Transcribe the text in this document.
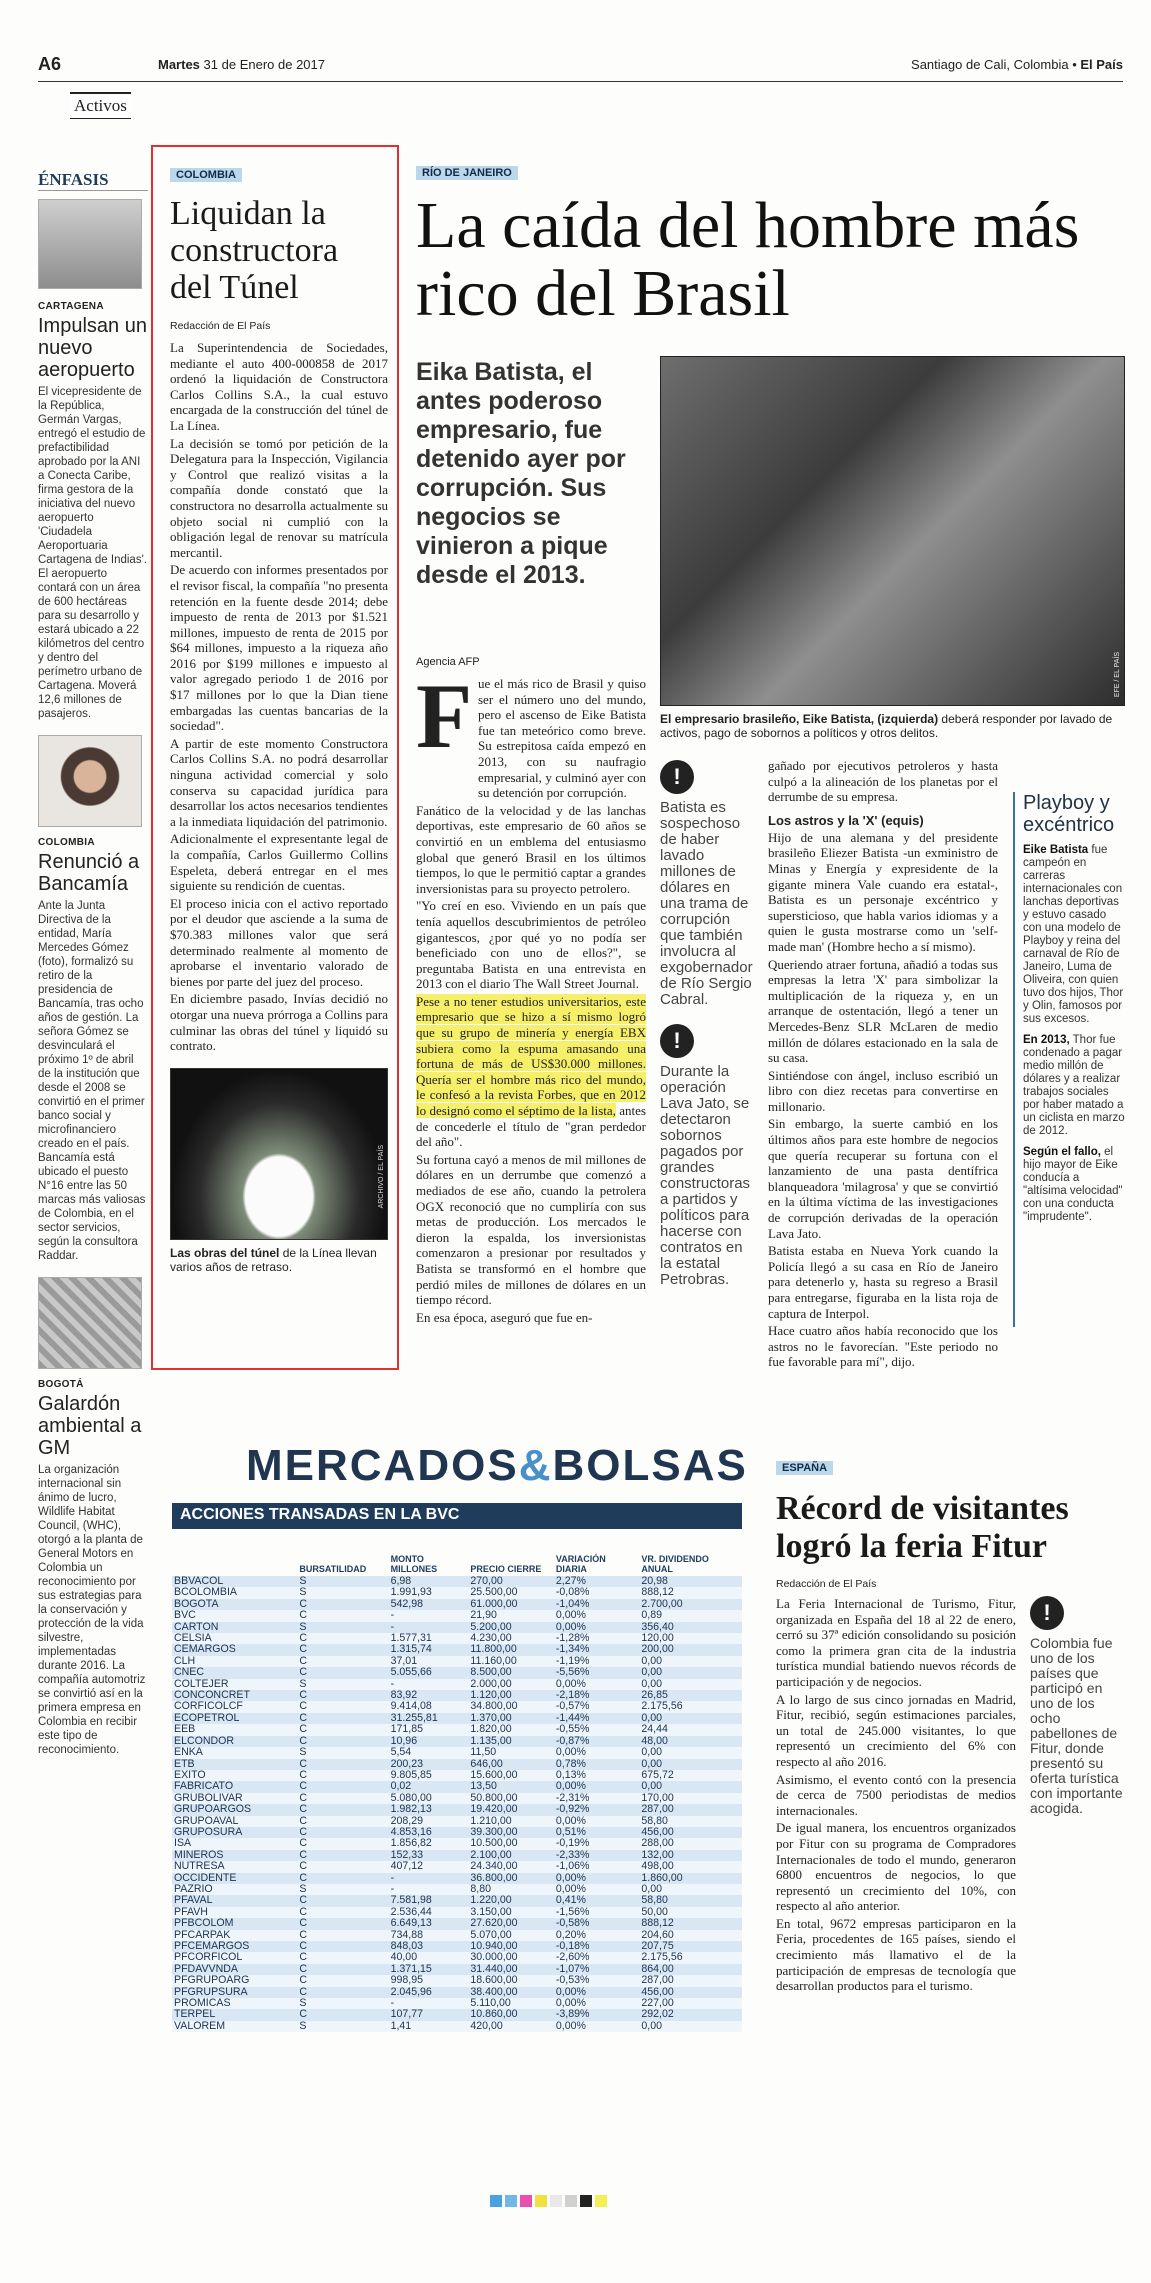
A6	Martes 31 de Enero de 2017	Santiago de Cali, Colombia • El País
Activos
ÉNFASIS
CARTAGENA
Impulsan un nuevo aeropuerto
El vicepresidente de la República, Germán Vargas, entregó el estudio de prefactibilidad aprobado por la ANI a Conecta Caribe, firma gestora de la iniciativa del nuevo aeropuerto 'Ciudadela Aeroportuaria Cartagena de Indias'. El aeropuerto contará con un área de 600 hectáreas para su desarrollo y estará ubicado a 22 kilómetros del centro y dentro del perímetro urbano de Cartagena. Moverá 12,6 millones de pasajeros.
COLOMBIA
Renunció a Bancamía
Ante la Junta Directiva de la entidad, María Mercedes Gómez (foto), formalizó su retiro de la presidencia de Bancamía, tras ocho años de gestión. La señora Gómez se desvinculará el próximo 1º de abril de la institución que desde el 2008 se convirtió en el primer banco social y microfinanciero creado en el país. Bancamía está ubicado el puesto N°16 entre las 50 marcas más valiosas de Colombia, en el sector servicios, según la consultora Raddar.
BOGOTÁ
Galardón ambiental a GM
La organización internacional sin ánimo de lucro, Wildlife Habitat Council, (WHC), otorgó a la planta de General Motors en Colombia un reconocimiento por sus estrategias para la conservación y protección de la vida silvestre, implementadas durante 2016. La compañía automotriz se convirtió así en la primera empresa en Colombia en recibir este tipo de reconocimiento.
COLOMBIA
Liquidan la constructora del Túnel
Redacción de El País

La Superintendencia de Sociedades, mediante el auto 400-000858 de 2017 ordenó la liquidación de Constructora Carlos Collins S.A., la cual estuvo encargada de la construcción del túnel de La Línea.

La decisión se tomó por petición de la Delegatura para la Inspección, Vigilancia y Control que realizó visitas a la compañía donde constató que la constructora no desarrolla actualmente su objeto social ni cumplió con la obligación legal de renovar su matrícula mercantil.

De acuerdo con informes presentados por el revisor fiscal, la compañía "no presenta retención en la fuente desde 2014; debe impuesto de renta de 2013 por $1.521 millones, impuesto de renta de 2015 por $64 millones, impuesto a la riqueza año 2016 por $199 millones e impuesto al valor agregado periodo 1 de 2016 por $17 millones por lo que la Dian tiene embargadas las cuentas bancarias de la sociedad".

A partir de este momento Constructora Carlos Collins S.A. no podrá desarrollar ninguna actividad comercial y solo conserva su capacidad jurídica para desarrollar los actos necesarios tendientes a la inmediata liquidación del patrimonio.

Adicionalmente el expresentante legal de la compañía, Carlos Guillermo Collins Espeleta, deberá entregar en el mes siguiente su rendición de cuentas.

El proceso inicia con el activo reportado por el deudor que asciende a la suma de $70.383 millones valor que será determinado realmente al momento de aprobarse el inventario valorado de bienes por parte del juez del proceso.

En diciembre pasado, Invías decidió no otorgar una nueva prórroga a Collins para culminar las obras del túnel y liquidó su contrato.

ARCHIVO / EL PAÍS
Las obras del túnel de la Línea llevan varios años de retraso.
RÍO DE JANEIRO
La caída del hombre más rico del Brasil
Eika Batista, el antes poderoso empresario, fue detenido ayer por corrupción. Sus negocios se vinieron a pique desde el 2013.
EFE / EL PAÍS
El empresario brasileño, Eike Batista, (izquierda) deberá responder por lavado de activos, pago de sobornos a políticos y otros delitos.
Agencia AFP
F ue el más rico de Brasil y quiso ser el número uno del mundo, pero el ascenso de Eike Batista fue tan meteórico como breve. Su estrepitosa caída empezó en 2013, con su naufragio empresarial, y culminó ayer con su detención por corrupción.

Fanático de la velocidad y de las lanchas deportivas, este empresario de 60 años se convirtió en un emblema del entusiasmo global que generó Brasil en los últimos tiempos, lo que le permitió captar a grandes inversionistas para su proyecto petrolero.

"Yo creí en eso. Viviendo en un país que tenía aquellos descubrimientos de petróleo gigantescos, ¿por qué yo no podía ser beneficiado con uno de ellos?", se preguntaba Batista en una entrevista en 2013 con el diario The Wall Street Journal.

Pese a no tener estudios universitarios, este empresario que se hizo a sí mismo logró que su grupo de minería y energía EBX subiera como la espuma amasando una fortuna de más de US$30.000 millones. Quería ser el hombre más rico del mundo, le confesó a la revista Forbes, que en 2012 lo designó como el séptimo de la lista, antes de concederle el título de "gran perdedor del año".

Su fortuna cayó a menos de mil millones de dólares en un derrumbe que comenzó a mediados de ese año, cuando la petrolera OGX reconoció que no cumpliría con sus metas de producción. Los mercados le dieron la espalda, los inversionistas comenzaron a presionar por resultados y Batista se transformó en el hombre que perdió miles de millones de dólares en un tiempo récord.

En esa época, aseguró que fue en-

!
Batista es sospechoso de haber lavado millones de dólares en una trama de corrupción que también involucra al exgobernador de Río Sergio Cabral.
!
Durante la operación Lava Jato, se detectaron sobornos pagados por grandes constructoras a partidos y políticos para hacerse con contratos en la estatal Petrobras.

gañado por ejecutivos petroleros y hasta culpó a la alineación de los planetas por el derrumbe de su empresa.

Los astros y la 'X' (equis)

Hijo de una alemana y del presidente brasileño Eliezer Batista -un exministro de Minas y Energía y expresidente de la gigante minera Vale cuando era estatal-, Batista es un personaje excéntrico y supersticioso, que habla varios idiomas y a quien le gusta mostrarse como un 'self-made man' (Hombre hecho a sí mismo).

Queriendo atraer fortuna, añadió a todas sus empresas la letra 'X' para simbolizar la multiplicación de la riqueza y, en un arranque de ostentación, llegó a tener un Mercedes-Benz SLR McLaren de medio millón de dólares estacionado en la sala de su casa.

Sintiéndose con ángel, incluso escribió un libro con diez recetas para convertirse en millonario.

Sin embargo, la suerte cambió en los últimos años para este hombre de negocios que quería recuperar su fortuna con el lanzamiento de una pasta dentífrica blanqueadora 'milagrosa' y que se convirtió en la última víctima de las investigaciones de corrupción derivadas de la operación Lava Jato.

Batista estaba en Nueva York cuando la Policía llegó a su casa en Río de Janeiro para detenerlo y, hasta su regreso a Brasil para entregarse, figuraba en la lista roja de captura de Interpol.

Hace cuatro años había reconocido que los astros no le favorecían. "Este periodo no fue favorable para mí", dijo.

Playboy y excéntrico
Eike Batista fue campeón en carreras internacionales con lanchas deportivas y estuvo casado con una modelo de Playboy y reina del carnaval de Río de Janeiro, Luma de Oliveira, con quien tuvo dos hijos, Thor y Olin, famosos por sus excesos.
En 2013, Thor fue condenado a pagar medio millón de dólares y a realizar trabajos sociales por haber matado a un ciclista en marzo de 2012.
Según el fallo, el hijo mayor de Eike conducía a "altísima velocidad" con una conducta "imprudente".
MERCADOS&BOLSAS
ACCIONES TRANSADAS EN LA BVC
	BURSATILIDAD	MONTO MILLONES	PRECIO CIERRE	VARIACIÓN DIARIA	VR. DIVIDENDO ANUAL
BBVACOL	S	6,98	270,00	2,27%	20,98
BCOLOMBIA	S	1.991,93	25.500,00	-0,08%	888,12
BOGOTA	C	542,98	61.000,00	-1,04%	2.700,00
BVC	C	-	21,90	0,00%	0,89
CARTON	S	-	5.200,00	0,00%	356,40
CELSIA	C	1.577,31	4.230,00	-1,28%	120,00
CEMARGOS	C	1.315,74	11.800,00	-1,34%	200,00
CLH	C	37,01	11.160,00	-1,19%	0,00
CNEC	C	5.055,66	8.500,00	-5,56%	0,00
COLTEJER	S	-	2.000,00	0,00%	0,00
CONCONCRET	C	83,92	1.120,00	-2,18%	26,85
CORFICOLCF	C	9.414,08	34.800,00	-0,57%	2.175,56
ECOPETROL	C	31.255,81	1.370,00	-1,44%	0,00
EEB	C	171,85	1.820,00	-0,55%	24,44
ELCONDOR	C	10,96	1.135,00	-0,87%	48,00
ENKA	S	5,54	11,50	0,00%	0,00
ETB	C	200,23	646,00	0,78%	0,00
EXITO	C	9.805,85	15.600,00	0,13%	675,72
FABRICATO	C	0,02	13,50	0,00%	0,00
GRUBOLIVAR	C	5.080,00	50.800,00	-2,31%	170,00
GRUPOARGOS	C	1.982,13	19.420,00	-0,92%	287,00
GRUPOAVAL	C	208,29	1.210,00	0,00%	58,80
GRUPOSURA	C	4.853,16	39.300,00	0,51%	456,00
ISA	C	1.856,82	10.500,00	-0,19%	288,00
MINEROS	C	152,33	2.100,00	-2,33%	132,00
NUTRESA	C	407,12	24.340,00	-1,06%	498,00
OCCIDENTE	C	-	36.800,00	0,00%	1.860,00
PAZRIO	S	-	8,80	0,00%	0,00
PFAVAL	C	7.581,98	1.220,00	0,41%	58,80
PFAVH	C	2.536,44	3.150,00	-1,56%	50,00
PFBCOLOM	C	6.649,13	27.620,00	-0,58%	888,12
PFCARPAK	C	734,88	5.070,00	0,20%	204,60
PFCEMARGOS	C	848,03	10.940,00	-0,18%	207,75
PFCORFICOL	C	40,00	30.000,00	-2,60%	2.175,56
PFDAVVNDA	C	1.371,15	31.440,00	-1,07%	864,00
PFGRUPOARG	C	998,95	18.600,00	-0,53%	287,00
PFGRUPSURA	C	2.045,96	38.400,00	0,00%	456,00
PROMICAS	S	-	5.110,00	0,00%	227,00
TERPEL	C	107,77	10.860,00	-3,89%	292,02
VALOREM	S	1,41	420,00	0,00%	0,00
ESPAÑA
Récord de visitantes logró la feria Fitur
Redacción de El País

La Feria Internacional de Turismo, Fitur, organizada en España del 18 al 22 de enero, cerró su 37ª edición consolidando su posición como la primera gran cita de la industria turística mundial batiendo nuevos récords de participación y de negocios.

A lo largo de sus cinco jornadas en Madrid, Fitur, recibió, según estimaciones parciales, un total de 245.000 visitantes, lo que representó un crecimiento del 6% con respecto al año 2016.

Asimismo, el evento contó con la presencia de cerca de 7500 periodistas de medios internacionales.

De igual manera, los encuentros organizados por Fitur con su programa de Compradores Internacionales de todo el mundo, generaron 6800 encuentros de negocios, lo que representó un crecimiento del 10%, con respecto al año anterior.

En total, 9672 empresas participaron en la Feria, procedentes de 165 países, siendo el crecimiento más llamativo el de la participación de empresas de tecnología que desarrollan productos para el turismo.

!
Colombia fue uno de los países que participó en uno de los ocho pabellones de Fitur, donde presentó su oferta turística con importante acogida.
